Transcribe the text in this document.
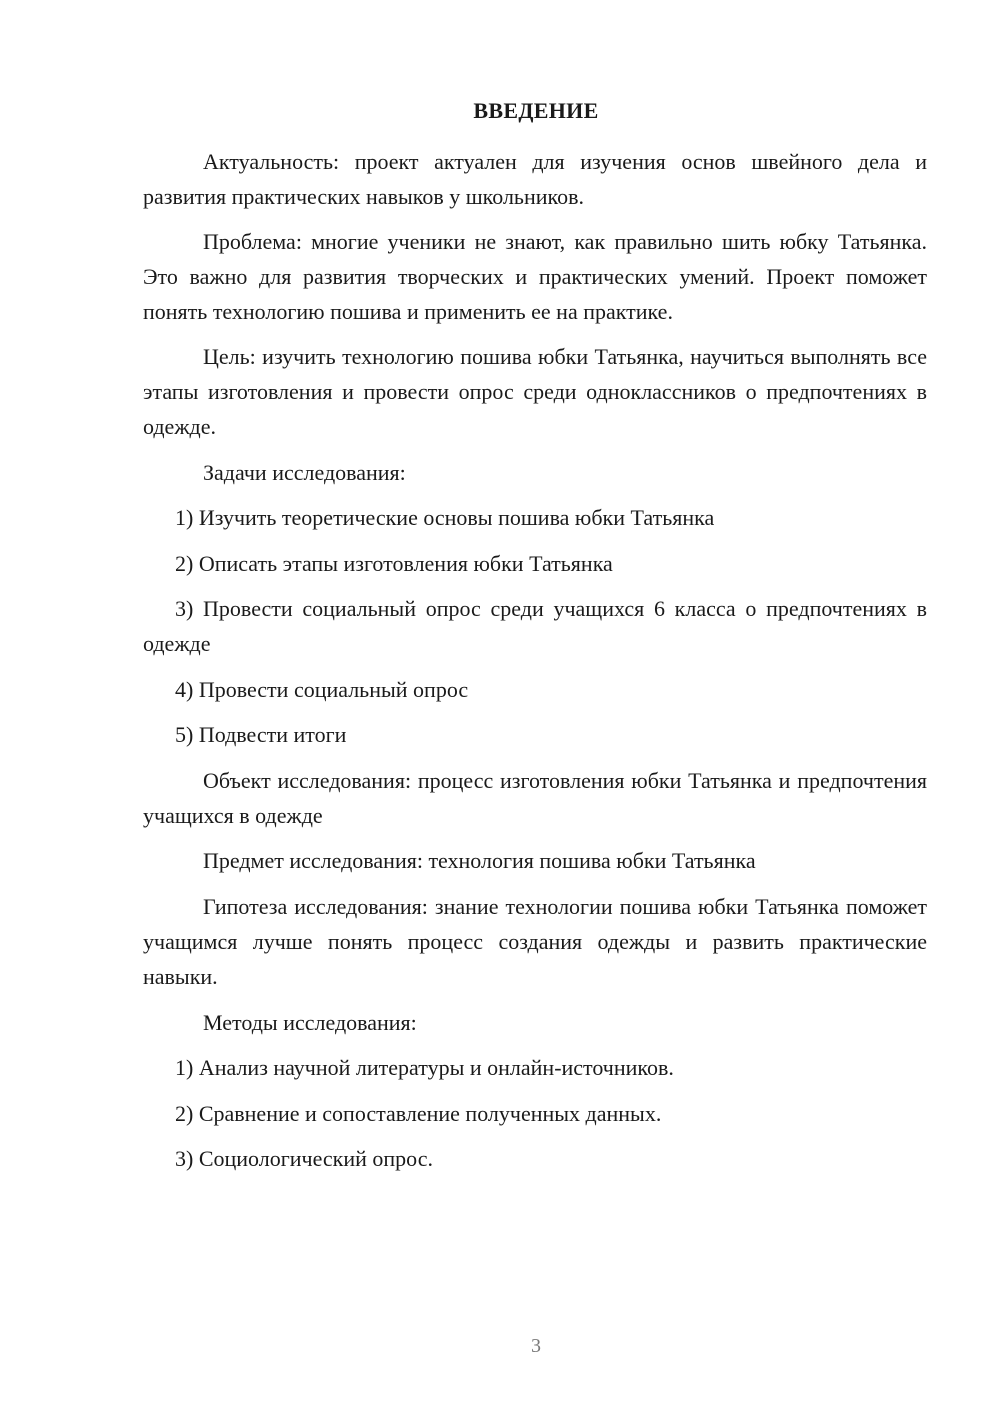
ВВЕДЕНИЕ

Актуальность: проект актуален для изучения основ швейного дела и развития практических навыков у школьников.

Проблема: многие ученики не знают, как правильно шить юбку Татьянка. Это важно для развития творческих и практических умений. Проект поможет понять технологию пошива и применить ее на практике.

Цель: изучить технологию пошива юбки Татьянка, научиться выполнять все этапы изготовления и провести опрос среди одноклассников о предпочтениях в одежде.

Задачи исследования:

1) Изучить теоретические основы пошива юбки Татьянка

2) Описать этапы изготовления юбки Татьянка

3) Провести социальный опрос среди учащихся 6 класса о предпочтениях в одежде

4) Провести социальный опрос

5) Подвести итоги

Объект исследования: процесс изготовления юбки Татьянка и предпочтения учащихся в одежде

Предмет исследования: технология пошива юбки Татьянка

Гипотеза исследования: знание технологии пошива юбки Татьянка поможет учащимся лучше понять процесс создания одежды и развить практические навыки.

Методы исследования:

1) Анализ научной литературы и онлайн-источников.

2) Сравнение и сопоставление полученных данных.

3) Социологический опрос.

3
